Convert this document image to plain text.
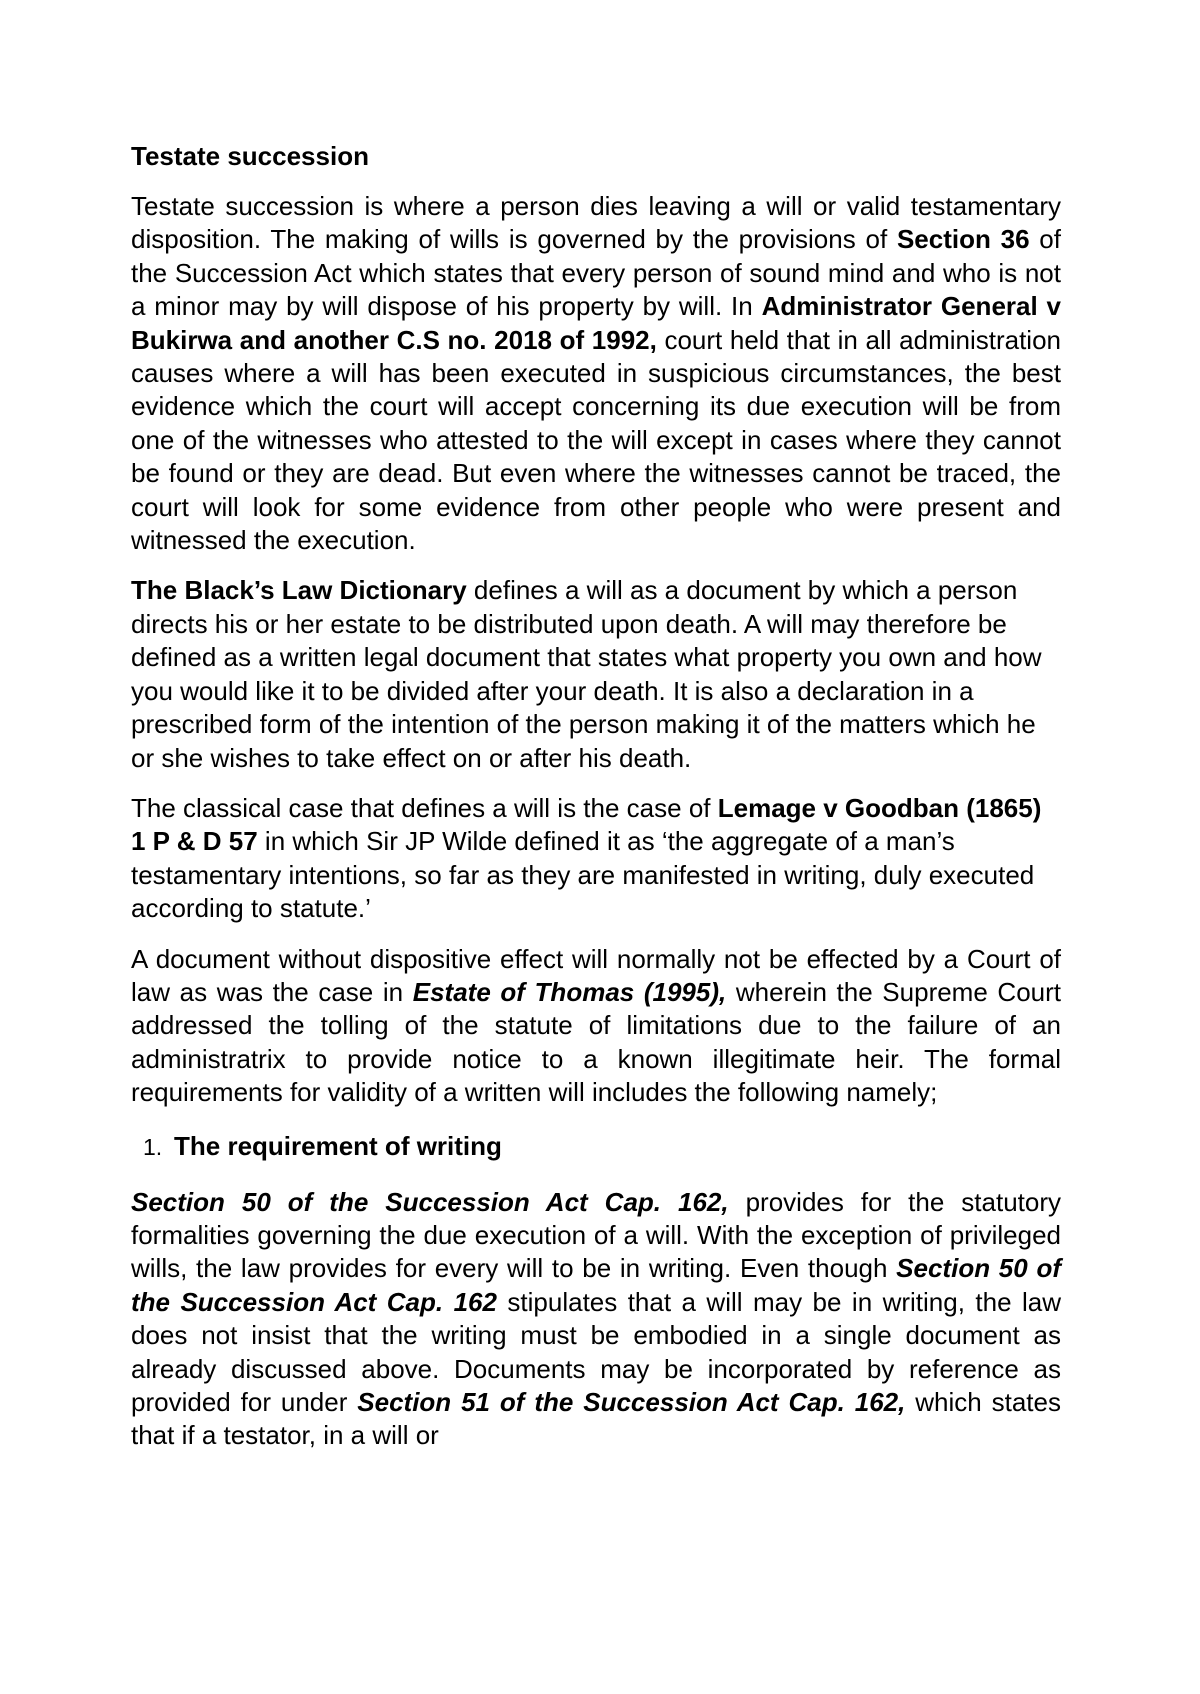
Testate succession

Testate succession is where a person dies leaving a will or valid testamentary disposition. The making of wills is governed by the provisions of Section 36 of the Succession Act which states that every person of sound mind and who is not a minor may by will dispose of his property by will. In Administrator General v Bukirwa and another C.S no. 2018 of 1992, court held that in all administration causes where a will has been executed in suspicious circumstances, the best evidence which the court will accept concerning its due execution will be from one of the witnesses who attested to the will except in cases where they cannot be found or they are dead. But even where the witnesses cannot be traced, the court will look for some evidence from other people who were present and witnessed the execution.

The Black’s Law Dictionary defines a will as a document by which a person directs his or her estate to be distributed upon death. A will may therefore be defined as a written legal document that states what property you own and how you would like it to be divided after your death. It is also a declaration in a prescribed form of the intention of the person making it of the matters which he or she wishes to take effect on or after his death.

The classical case that defines a will is the case of Lemage v Goodban (1865) 1 P & D 57 in which Sir JP Wilde defined it as ‘the aggregate of a man’s testamentary intentions, so far as they are manifested in writing, duly executed according to statute.’

A document without dispositive effect will normally not be effected by a Court of law as was the case in Estate of Thomas (1995), wherein the Supreme Court addressed the tolling of the statute of limitations due to the failure of an administratrix to provide notice to a known illegitimate heir. The formal requirements for validity of a written will includes the following namely;

1. The requirement of writing

Section 50 of the Succession Act Cap. 162, provides for the statutory formalities governing the due execution of a will. With the exception of privileged wills, the law provides for every will to be in writing. Even though Section 50 of the Succession Act Cap. 162 stipulates that a will may be in writing, the law does not insist that the writing must be embodied in a single document as already discussed above. Documents may be incorporated by reference as provided for under Section 51 of the Succession Act Cap. 162, which states that if a testator, in a will or
